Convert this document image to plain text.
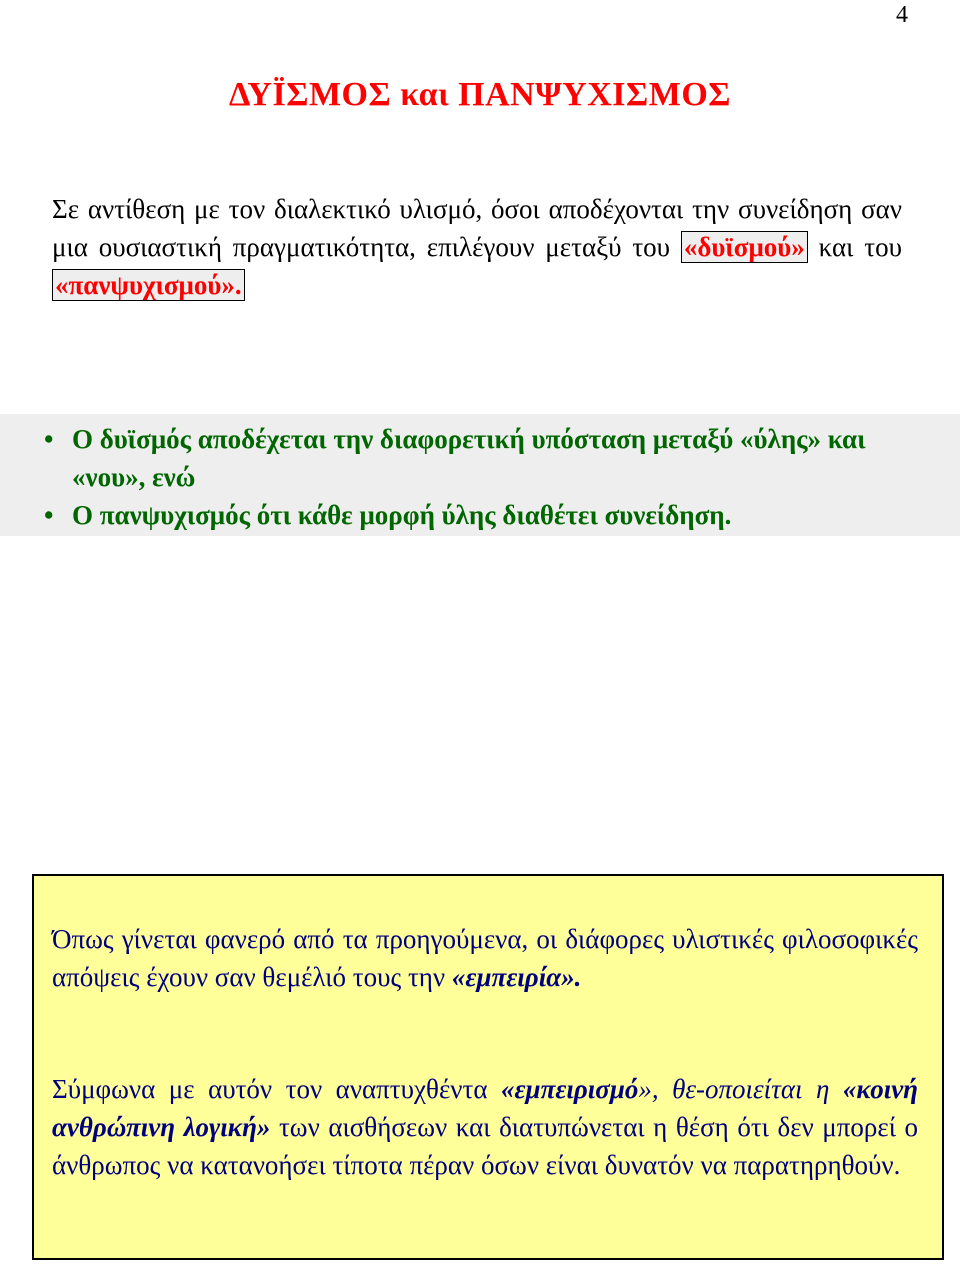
4
ΔΥΪΣΜΟΣ και ΠΑΝΨΥΧΙΣΜΟΣ
Σε αντίθεση με τον διαλεκτικό υλισμό, όσοι αποδέχονται την συνείδηση σαν μια ουσιαστική πραγματικότητα, επιλέγουν μεταξύ του «δυϊσμού» και του «πανψυχισμού».
• Ο δυϊσμός αποδέχεται την διαφορετική υπόσταση μεταξύ «ύλης» και «νου», ενώ
• Ο πανψυχισμός ότι κάθε μορφή ύλης διαθέτει συνείδηση.
Όπως γίνεται φανερό από τα προηγούμενα, οι διάφορες υλιστικές φιλοσοφικές απόψεις έχουν σαν θεμέλιό τους την «εμπειρία».
Σύμφωνα με αυτόν τον αναπτυχθέντα «εμπειρισμό», θε-οποιείται η «κοινή ανθρώπινη λογική» των αισθήσεων και διατυπώνεται η θέση ότι δεν μπορεί ο άνθρωπος να κατανοήσει τίποτα πέραν όσων είναι δυνατόν να παρατηρηθούν.
